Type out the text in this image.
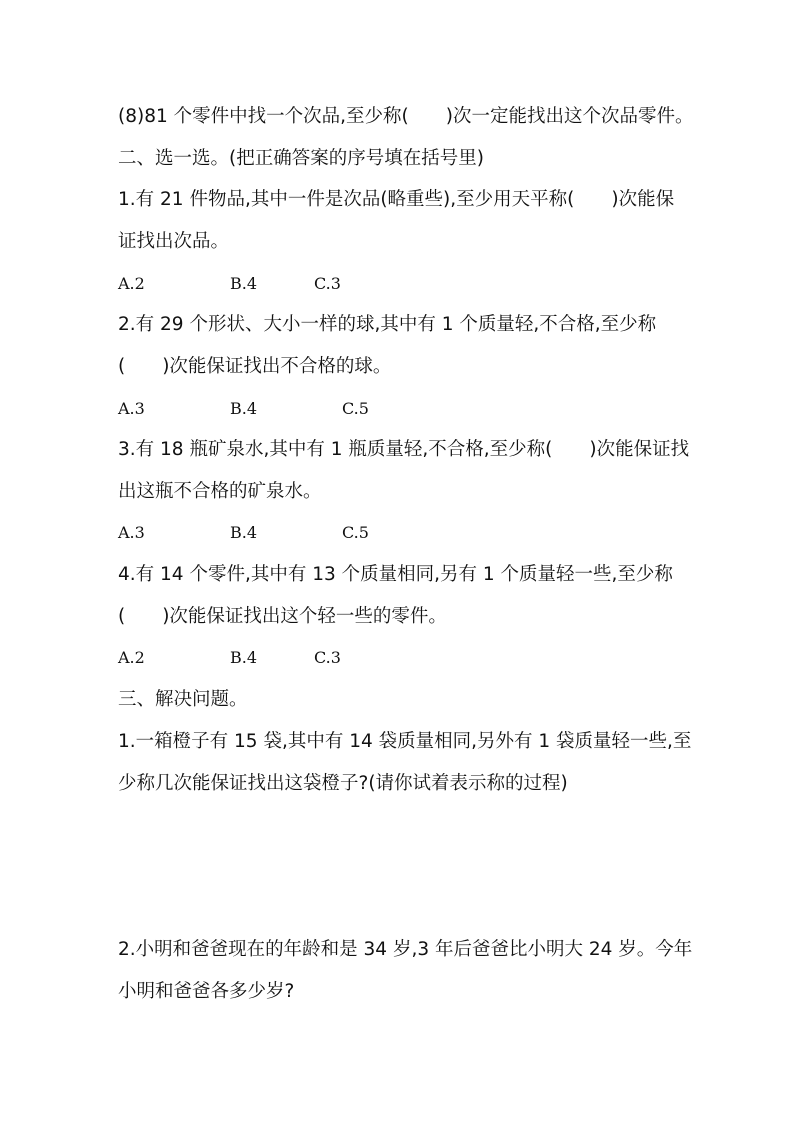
(8)81 个零件中找一个次品,至少称(　　)次一定能找出这个次品零件。
二、选一选。(把正确答案的序号填在括号里)
1.有 21 件物品,其中一件是次品(略重些),至少用天平称(　　)次能保
证找出次品。
A.2	B.4	C.3
2.有 29 个形状、大小一样的球,其中有 1 个质量轻,不合格,至少称
(　　)次能保证找出不合格的球。
A.3	B.4	C.5
3.有 18 瓶矿泉水,其中有 1 瓶质量轻,不合格,至少称(　　)次能保证找
出这瓶不合格的矿泉水。
A.3	B.4	C.5
4.有 14 个零件,其中有 13 个质量相同,另有 1 个质量轻一些,至少称
(　　)次能保证找出这个轻一些的零件。
A.2	B.4	C.3
三、解决问题。
1.一箱橙子有 15 袋,其中有 14 袋质量相同,另外有 1 袋质量轻一些,至
少称几次能保证找出这袋橙子?(请你试着表示称的过程)
2.小明和爸爸现在的年龄和是 34 岁,3 年后爸爸比小明大 24 岁。今年
小明和爸爸各多少岁?
